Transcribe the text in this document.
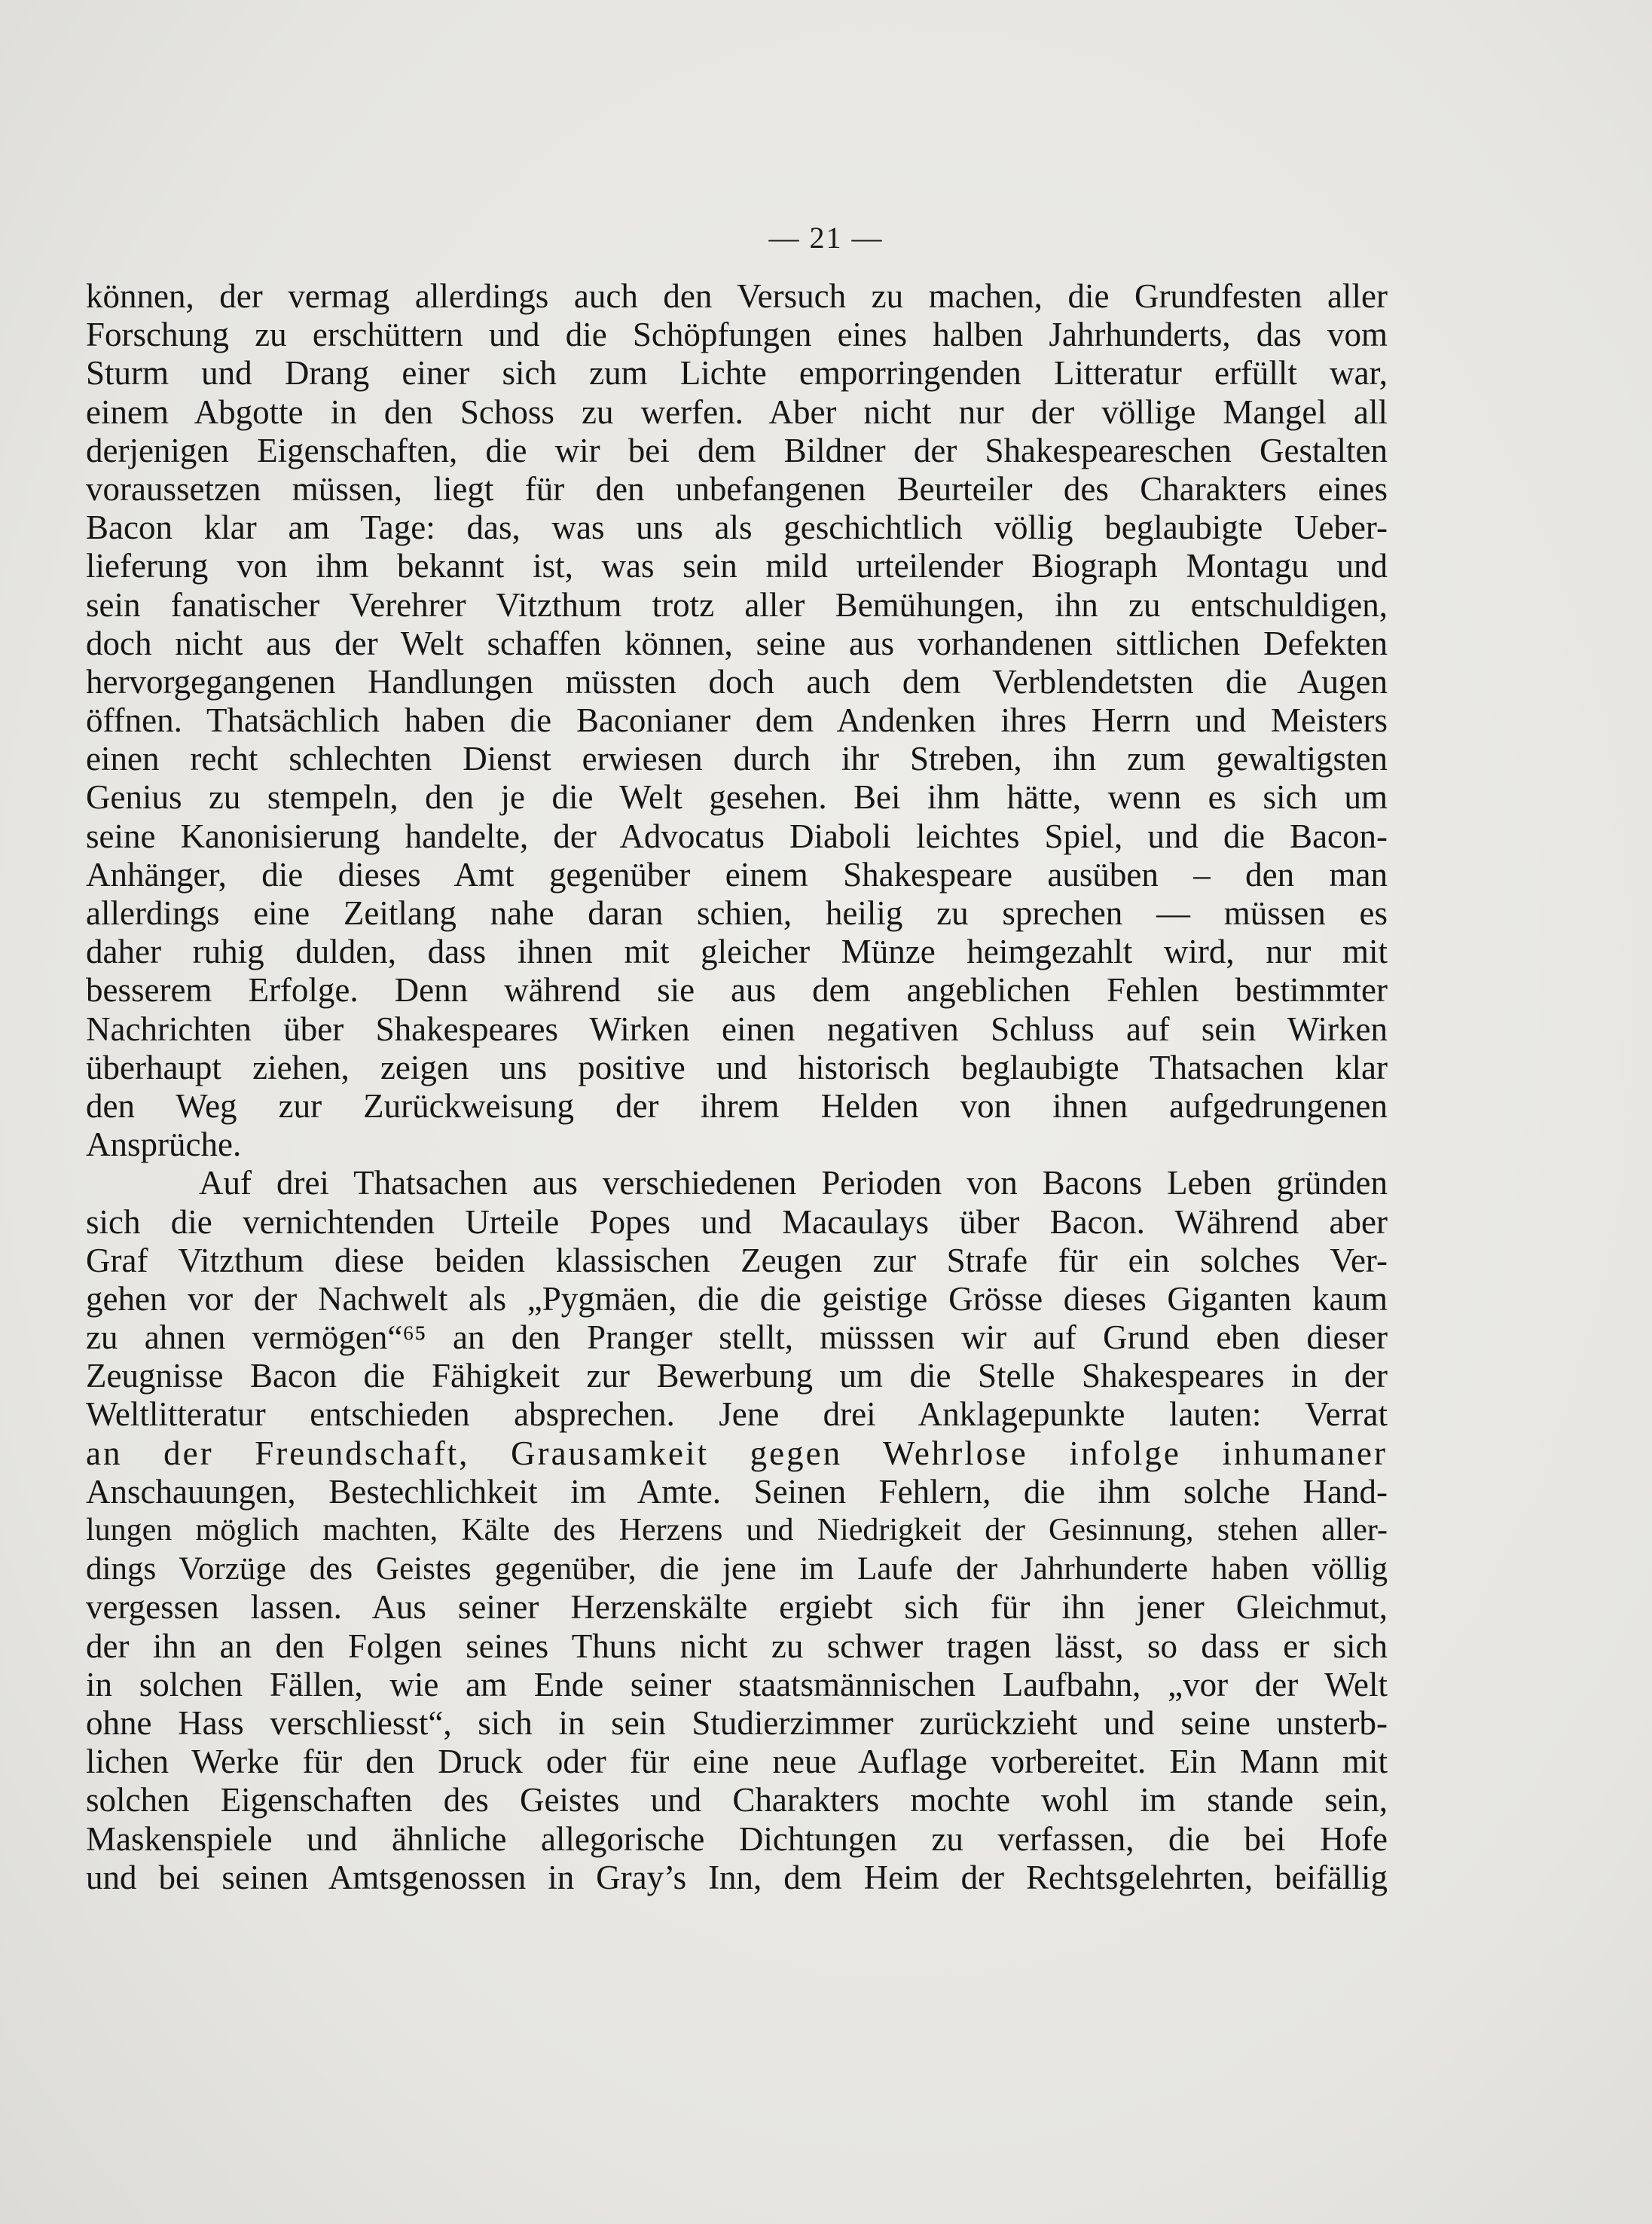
— 21 —
können, der vermag allerdings auch den Versuch zu machen, die Grundfesten aller
Forschung zu erschüttern und die Schöpfungen eines halben Jahrhunderts, das vom
Sturm und Drang einer sich zum Lichte emporringenden Litteratur erfüllt war,
einem Abgotte in den Schoss zu werfen. Aber nicht nur der völlige Mangel all
derjenigen Eigenschaften, die wir bei dem Bildner der Shakespeareschen Gestalten
voraussetzen müssen, liegt für den unbefangenen Beurteiler des Charakters eines
Bacon klar am Tage: das, was uns als geschichtlich völlig beglaubigte Ueber-
lieferung von ihm bekannt ist, was sein mild urteilender Biograph Montagu und
sein fanatischer Verehrer Vitzthum trotz aller Bemühungen, ihn zu entschuldigen,
doch nicht aus der Welt schaffen können, seine aus vorhandenen sittlichen Defekten
hervorgegangenen Handlungen müssten doch auch dem Verblendetsten die Augen
öffnen. Thatsächlich haben die Baconianer dem Andenken ihres Herrn und Meisters
einen recht schlechten Dienst erwiesen durch ihr Streben, ihn zum gewaltigsten
Genius zu stempeln, den je die Welt gesehen. Bei ihm hätte, wenn es sich um
seine Kanonisierung handelte, der Advocatus Diaboli leichtes Spiel, und die Bacon-
Anhänger, die dieses Amt gegenüber einem Shakespeare ausüben – den man
allerdings eine Zeitlang nahe daran schien, heilig zu sprechen — müssen es
daher ruhig dulden, dass ihnen mit gleicher Münze heimgezahlt wird, nur mit
besserem Erfolge. Denn während sie aus dem angeblichen Fehlen bestimmter
Nachrichten über Shakespeares Wirken einen negativen Schluss auf sein Wirken
überhaupt ziehen, zeigen uns positive und historisch beglaubigte Thatsachen klar
den Weg zur Zurückweisung der ihrem Helden von ihnen aufgedrungenen
Ansprüche.
Auf drei Thatsachen aus verschiedenen Perioden von Bacons Leben gründen
sich die vernichtenden Urteile Popes und Macaulays über Bacon. Während aber
Graf Vitzthum diese beiden klassischen Zeugen zur Strafe für ein solches Ver-
gehen vor der Nachwelt als „Pygmäen, die die geistige Grösse dieses Giganten kaum
zu ahnen vermögen“⁶⁵ an den Pranger stellt, müsssen wir auf Grund eben dieser
Zeugnisse Bacon die Fähigkeit zur Bewerbung um die Stelle Shakespeares in der
Weltlitteratur entschieden absprechen. Jene drei Anklagepunkte lauten: Verrat
an der Freundschaft, Grausamkeit gegen Wehrlose infolge inhumaner
Anschauungen, Bestechlichkeit im Amte. Seinen Fehlern, die ihm solche Hand-
lungen möglich machten, Kälte des Herzens und Niedrigkeit der Gesinnung, stehen aller-
dings Vorzüge des Geistes gegenüber, die jene im Laufe der Jahrhunderte haben völlig
vergessen lassen. Aus seiner Herzenskälte ergiebt sich für ihn jener Gleichmut,
der ihn an den Folgen seines Thuns nicht zu schwer tragen lässt, so dass er sich
in solchen Fällen, wie am Ende seiner staatsmännischen Laufbahn, „vor der Welt
ohne Hass verschliesst“, sich in sein Studierzimmer zurückzieht und seine unsterb-
lichen Werke für den Druck oder für eine neue Auflage vorbereitet. Ein Mann mit
solchen Eigenschaften des Geistes und Charakters mochte wohl im stande sein,
Maskenspiele und ähnliche allegorische Dichtungen zu verfassen, die bei Hofe
und bei seinen Amtsgenossen in Gray’s Inn, dem Heim der Rechtsgelehrten, beifällig
